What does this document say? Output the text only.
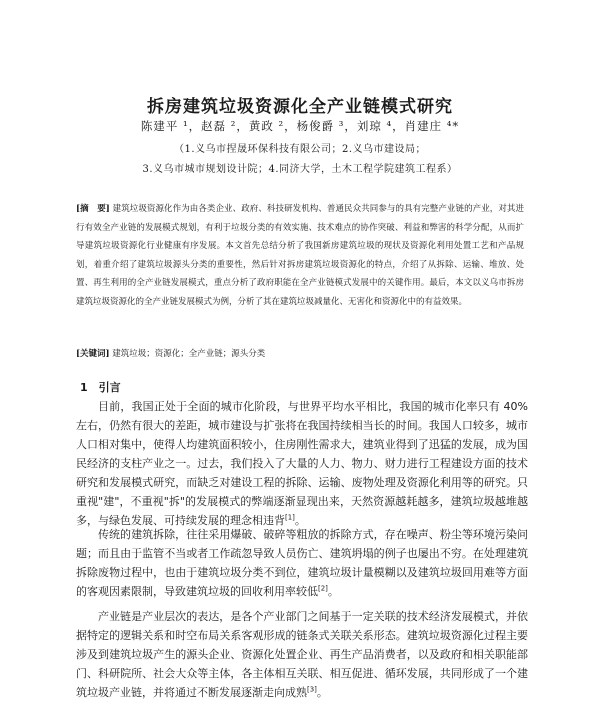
拆房建筑垃圾资源化全产业链模式研究
陈建平 ¹，赵磊 ²，黄政 ²，杨俊爵 ³，刘琼 ⁴，肖建庄 ⁴*
（1.义乌市捏晟环保科技有限公司；2.义乌市建设局；
3.义乌市城市规划设计院；4.同济大学，土木工程学院建筑工程系）
[摘　要] 建筑垃圾资源化作为由各类企业、政府、科技研发机构、普通民众共同参与的具有完整产业链的产业，对其进行有效全产业链的发展模式规划，有利于垃圾分类的有效实施、技术难点的协作突破、利益和弊害的科学分配，从而扩导建筑垃圾资源化行业健康有序发展。本文首先总结分析了我国新房建筑垃圾的现状及资源化利用处置工艺和产品规划，着重介绍了建筑垃圾源头分类的重要性，然后针对拆房建筑垃圾资源化的特点，介绍了从拆除、运输、堆放、处置、再生利用的全产业链发展模式，重点分析了政府职能在全产业链模式发展中的关键作用。最后，本文以义乌市拆房建筑垃圾资源化的全产业链发展模式为例，分析了其在建筑垃圾减量化、无害化和资源化中的有益效果。
[关键词] 建筑垃圾；资源化；全产业链；源头分类
1　引言

目前，我国正处于全面的城市化阶段，与世界平均水平相比，我国的城市化率只有 40%左右，仍然有很大的差距，城市建设与扩张将在我国持续相当长的时间。我国人口较多，城市人口相对集中，使得人均建筑面积较小，住房刚性需求大，建筑业得到了迅猛的发展，成为国民经济的支柱产业之一。过去，我们投入了大量的人力、物力、财力进行工程建设方面的技术研究和发展模式研究，而缺乏对建设工程的拆除、运输、废物处理及资源化利用等的研究。只重视"建"，不重视"拆"的发展模式的弊端逐渐显现出来，天然资源越耗越多，建筑垃圾越堆越多，与绿色发展、可持续发展的理念相违背[1]。

传统的建筑拆除，往往采用爆破、破碎等粗放的拆除方式，存在噪声、粉尘等环境污染问题；而且由于监管不当或者工作疏忽导致人员伤亡、建筑坍塌的例子也屡出不穷。在处理建筑拆除废物过程中，也由于建筑垃圾分类不到位，建筑垃圾计量模糊以及建筑垃圾回用难等方面的客观因素限制，导致建筑垃圾的回收利用率较低[2]。

产业链是产业层次的表达，是各个产业部门之间基于一定关联的技术经济发展模式，并依据特定的逻辑关系和时空布局关系客观形成的链条式关联关系形态。建筑垃圾资源化过程主要涉及到建筑垃圾产生的源头企业、资源化处置企业、再生产品消费者，以及政府和相关职能部门、科研院所、社会大众等主体，各主体相互关联、相互促进、循环发展，共同形成了一个建筑垃圾产业链，并将通过不断发展逐渐走向成熟[3]。
